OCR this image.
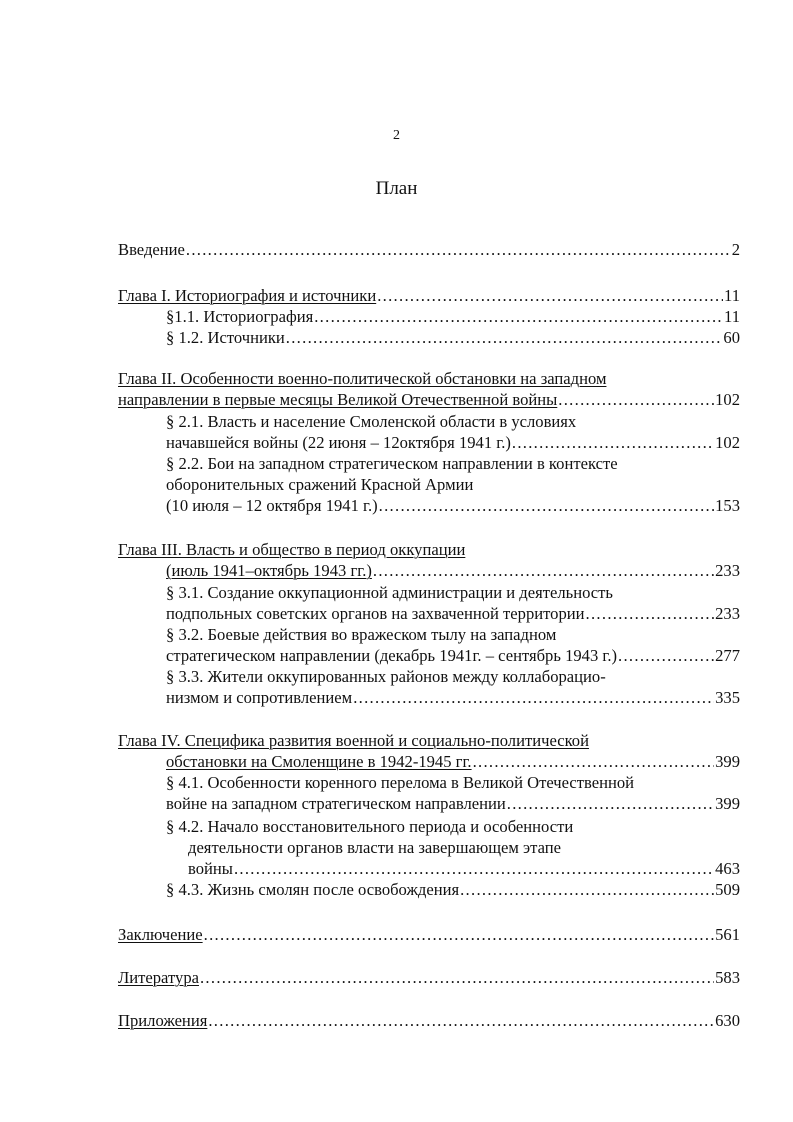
2
План
Введение .....	2
Глава I. Историография и источники .....	11
§1.1. Историография .....	11
§ 1.2. Источники .....	60
Глава II. Особенности военно-политической обстановки на западном
направлении в первые месяцы Великой Отечественной войны .....	102
§ 2.1. Власть и население Смоленской области в условиях
начавшейся войны (22 июня – 12октября 1941 г.) .....	102
§ 2.2. Бои на западном стратегическом направлении в контексте
оборонительных сражений Красной Армии
(10 июля – 12 октября 1941 г.) .....	153
Глава III. Власть и общество в период оккупации
(июль 1941–октябрь 1943 гг.) .....	233
§ 3.1. Создание оккупационной администрации и деятельность
подпольных советских органов на захваченной территории .....	233
§ 3.2. Боевые действия во вражеском тылу на западном
стратегическом направлении (декабрь 1941г. – сентябрь 1943 г.) .....	277
§ 3.3. Жители оккупированных районов между коллаборацио-
низмом и сопротивлением .....	335
Глава IV. Специфика развития военной и социально-политической
обстановки на Смоленщине в 1942-1945 гг. .....	399
§ 4.1. Особенности коренного перелома в Великой Отечественной
войне на западном стратегическом направлении .....	399
§ 4.2. Начало восстановительного периода и особенности
деятельности органов власти на завершающем этапе
войны .....	463
§ 4.3. Жизнь смолян после освобождения .....	509
Заключение .....	561
Литература .....	583
Приложения .....	630
